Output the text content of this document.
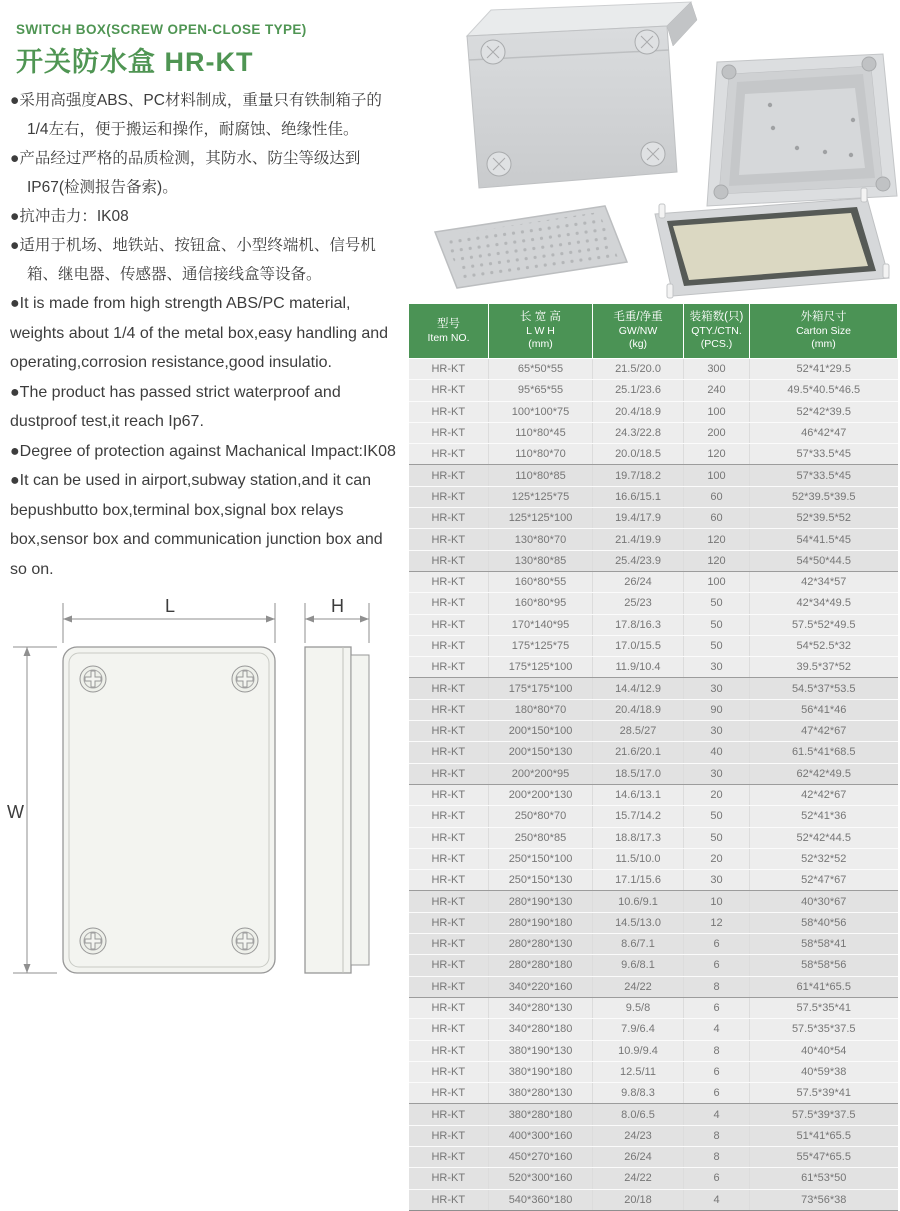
SWITCH BOX(SCREW OPEN-CLOSE TYPE)
开关防水盒 HR-KT
●采用高强度ABS、PC材料制成，重量只有铁制箱子的1/4左右，便于搬运和操作，耐腐蚀、绝缘性佳。
●产品经过严格的品质检测，其防水、防尘等级达到IP67(检测报告备索)。
●抗冲击力：IK08
●适用于机场、地铁站、按钮盒、小型终端机、信号机箱、继电器、传感器、通信接线盒等设备。
●It is made from high strength ABS/PC material, weights about 1/4 of the metal box,easy handling and operating,corrosion resistance,good insulatio.
●The product has passed strict waterproof and dustproof test,it reach Ip67.
●Degree of protection against Machanical Impact:IK08
●It can be used in airport,subway station,and it can bepushbutto box,terminal box,signal box relays box,sensor box and communication junction box and so on.
L
W
H
型号
Item NO.

长 宽 高
L W H
(mm)

毛重/净重
GW/NW
(kg)

装箱数(只)
QTY./CTN.
(PCS.)

外箱尺寸
Carton Size
(mm)

HR-KT	65*50*55	21.5/20.0	300	52*41*29.5
HR-KT	95*65*55	25.1/23.6	240	49.5*40.5*46.5
HR-KT	100*100*75	20.4/18.9	100	52*42*39.5
HR-KT	110*80*45	24.3/22.8	200	46*42*47
HR-KT	110*80*70	20.0/18.5	120	57*33.5*45
HR-KT	110*80*85	19.7/18.2	100	57*33.5*45
HR-KT	125*125*75	16.6/15.1	60	52*39.5*39.5
HR-KT	125*125*100	19.4/17.9	60	52*39.5*52
HR-KT	130*80*70	21.4/19.9	120	54*41.5*45
HR-KT	130*80*85	25.4/23.9	120	54*50*44.5
HR-KT	160*80*55	26/24	100	42*34*57
HR-KT	160*80*95	25/23	50	42*34*49.5
HR-KT	170*140*95	17.8/16.3	50	57.5*52*49.5
HR-KT	175*125*75	17.0/15.5	50	54*52.5*32
HR-KT	175*125*100	11.9/10.4	30	39.5*37*52
HR-KT	175*175*100	14.4/12.9	30	54.5*37*53.5
HR-KT	180*80*70	20.4/18.9	90	56*41*46
HR-KT	200*150*100	28.5/27	30	47*42*67
HR-KT	200*150*130	21.6/20.1	40	61.5*41*68.5
HR-KT	200*200*95	18.5/17.0	30	62*42*49.5
HR-KT	200*200*130	14.6/13.1	20	42*42*67
HR-KT	250*80*70	15.7/14.2	50	52*41*36
HR-KT	250*80*85	18.8/17.3	50	52*42*44.5
HR-KT	250*150*100	11.5/10.0	20	52*32*52
HR-KT	250*150*130	17.1/15.6	30	52*47*67
HR-KT	280*190*130	10.6/9.1	10	40*30*67
HR-KT	280*190*180	14.5/13.0	12	58*40*56
HR-KT	280*280*130	8.6/7.1	6	58*58*41
HR-KT	280*280*180	9.6/8.1	6	58*58*56
HR-KT	340*220*160	24/22	8	61*41*65.5
HR-KT	340*280*130	9.5/8	6	57.5*35*41
HR-KT	340*280*180	7.9/6.4	4	57.5*35*37.5
HR-KT	380*190*130	10.9/9.4	8	40*40*54
HR-KT	380*190*180	12.5/11	6	40*59*38
HR-KT	380*280*130	9.8/8.3	6	57.5*39*41
HR-KT	380*280*180	8.0/6.5	4	57.5*39*37.5
HR-KT	400*300*160	24/23	8	51*41*65.5
HR-KT	450*270*160	26/24	8	55*47*65.5
HR-KT	520*300*160	24/22	6	61*53*50
HR-KT	540*360*180	20/18	4	73*56*38
